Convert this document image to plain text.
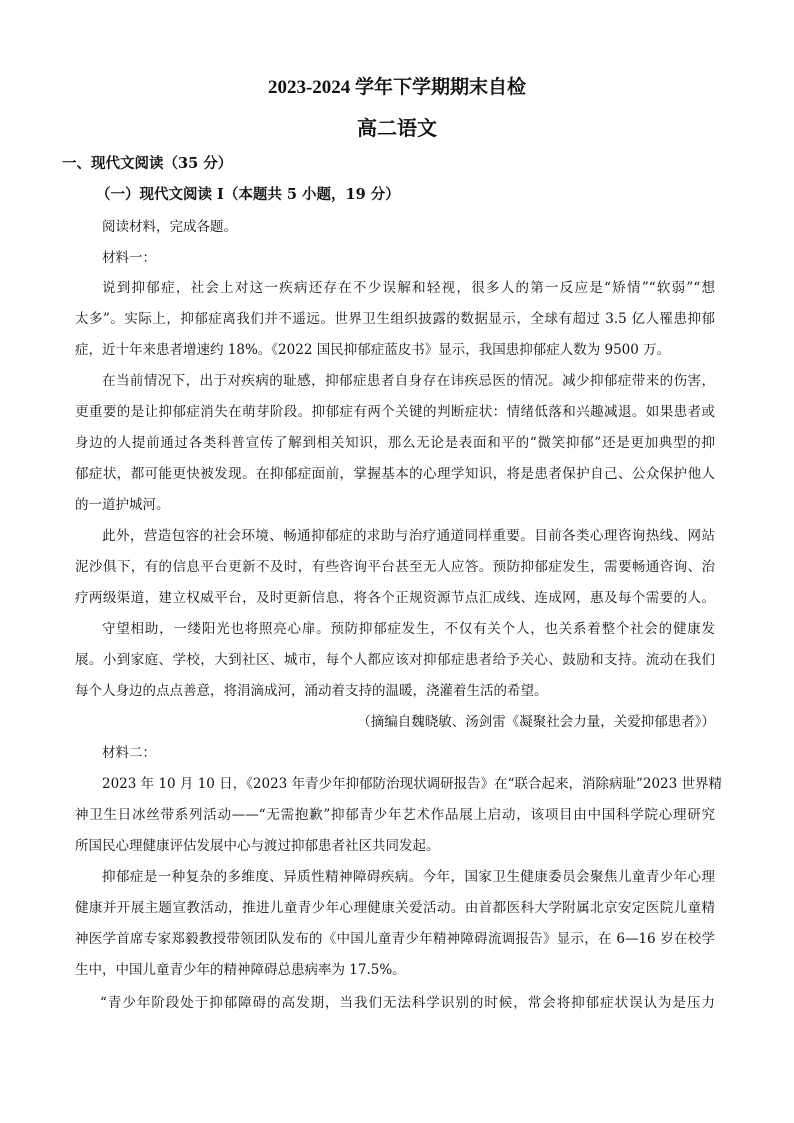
2023-2024 学年下学期期末自检
高二语文
一、现代文阅读（35 分）
（一）现代文阅读 I（本题共 5 小题，19 分）
阅读材料，完成各题。
材料一：
说到抑郁症，社会上对这一疾病还存在不少误解和轻视，很多人的第一反应是“矫情”“软弱”“想
太多”。实际上，抑郁症离我们并不遥远。世界卫生组织披露的数据显示，全球有超过 3.5 亿人罹患抑郁
症，近十年来患者增速约 18%。《2022 国民抑郁症蓝皮书》显示，我国患抑郁症人数为 9500 万。
在当前情况下，出于对疾病的耻感，抑郁症患者自身存在讳疾忌医的情况。减少抑郁症带来的伤害，
更重要的是让抑郁症消失在萌芽阶段。抑郁症有两个关键的判断症状：情绪低落和兴趣减退。如果患者或
身边的人提前通过各类科普宣传了解到相关知识，那么无论是表面和平的“微笑抑郁”还是更加典型的抑
郁症状，都可能更快被发现。在抑郁症面前，掌握基本的心理学知识，将是患者保护自己、公众保护他人
的一道护城河。
此外，营造包容的社会环境、畅通抑郁症的求助与治疗通道同样重要。目前各类心理咨询热线、网站
泥沙俱下，有的信息平台更新不及时，有些咨询平台甚至无人应答。预防抑郁症发生，需要畅通咨询、治
疗两级渠道，建立权威平台，及时更新信息，将各个正规资源节点汇成线、连成网，惠及每个需要的人。
守望相助，一缕阳光也将照亮心扉。预防抑郁症发生，不仅有关个人，也关系着整个社会的健康发
展。小到家庭、学校，大到社区、城市，每个人都应该对抑郁症患者给予关心、鼓励和支持。流动在我们
每个人身边的点点善意，将涓滴成河，涌动着支持的温暖，浇灌着生活的希望。
（摘编自魏晓敏、汤剑雷《凝聚社会力量，关爱抑郁患者》）
材料二：
2023 年 10 月 10 日，《2023 年青少年抑郁防治现状调研报告》在“联合起来，消除病耻”2023 世界精
神卫生日冰丝带系列活动——“无需抱歉”抑郁青少年艺术作品展上启动，该项目由中国科学院心理研究
所国民心理健康评估发展中心与渡过抑郁患者社区共同发起。
抑郁症是一种复杂的多维度、异质性精神障碍疾病。今年，国家卫生健康委员会聚焦儿童青少年心理
健康并开展主题宣教活动，推进儿童青少年心理健康关爱活动。由首都医科大学附属北京安定医院儿童精
神医学首席专家郑毅教授带领团队发布的《中国儿童青少年精神障碍流调报告》显示，在 6—16 岁在校学
生中，中国儿童青少年的精神障碍总患病率为 17.5%。
“青少年阶段处于抑郁障碍的高发期，当我们无法科学识别的时候，常会将抑郁症状误认为是压力
